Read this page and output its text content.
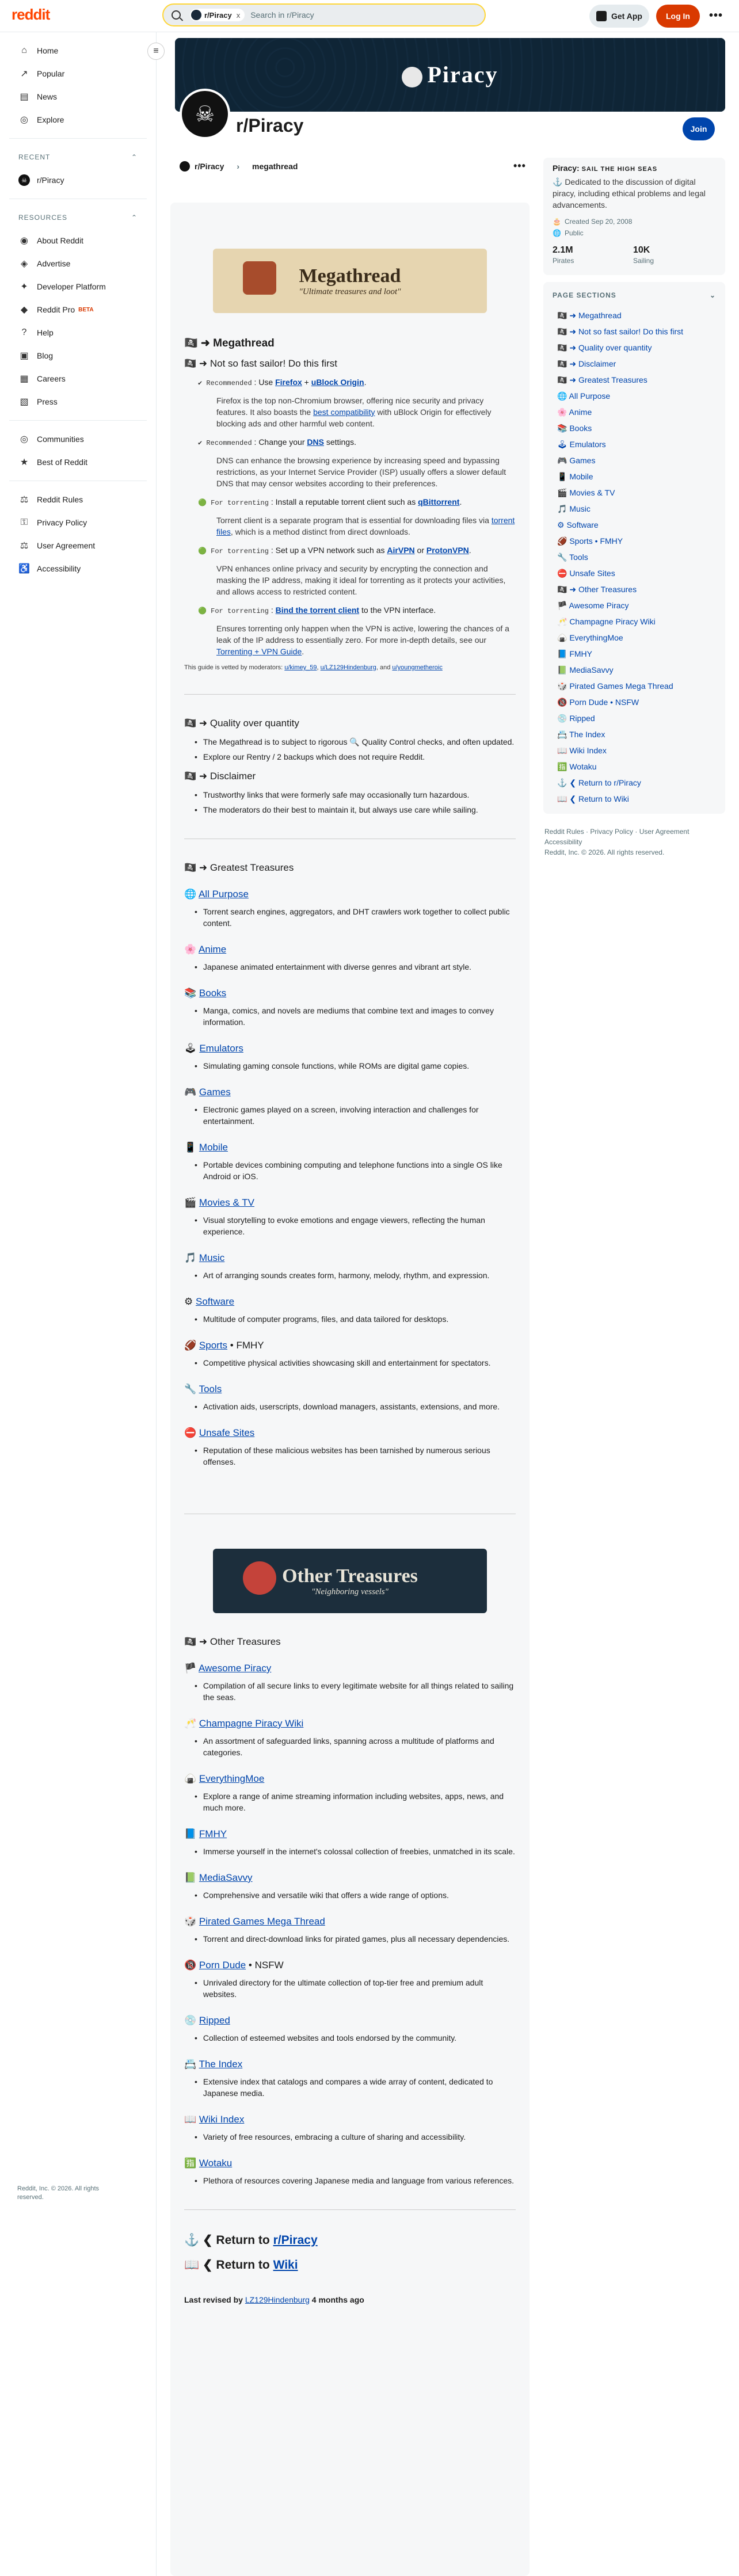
reddit	r/Piracy x Search in r/Piracy	Get App	Log In	•••
⌂	Home
↗ Popular
▤ News
◎ Explore
RECENT	⌃
☠	r/Piracy
RESOURCES	⌃
◉ About Reddit
◈ Advertise
✦ Developer Platform
◆ Reddit Pro BETA
?	Help
▣ Blog
▦ Careers
▧ Press
◎ Communities
★ Best of Reddit
⚖ Reddit Rules
⚿ Privacy Policy
⚖ User Agreement
♿ Accessibility
≡
Reddit, Inc. © 2026. All rights reserved.
Piracy
☠	r/Piracy	Join
r/Piracy › megathread	•••
Megathread
"Ultimate treasures and loot"
🏴‍☠️ ➜ Megathread
🏴‍☠️ ➜ Not so fast sailor! Do this first
✔ Recommended : Use Firefox + uBlock Origin.
Firefox is the top non-Chromium browser, offering nice security and privacy features. It also boasts the best compatibility with uBlock Origin for effectively blocking ads and other harmful web content.
✔ Recommended : Change your DNS settings.
DNS can enhance the browsing experience by increasing speed and bypassing restrictions, as your Internet Service Provider (ISP) usually offers a slower default DNS that may censor websites according to their preferences.
🟢 For torrenting : Install a reputable torrent client such as qBittorrent.
Torrent client is a separate program that is essential for downloading files via torrent files, which is a method distinct from direct downloads.
🟢 For torrenting : Set up a VPN network such as AirVPN or ProtonVPN.
VPN enhances online privacy and security by encrypting the connection and masking the IP address, making it ideal for torrenting as it protects your activities, and allows access to restricted content.
🟢 For torrenting : Bind the torrent client to the VPN interface.
Ensures torrenting only happen when the VPN is active, lowering the chances of a leak of the IP address to essentially zero. For more in-depth details, see our Torrenting + VPN Guide.
This guide is vetted by moderators: u/kimey_59, u/LZ129Hindenburg, and u/youngmetheroic
🏴‍☠️ ➜ Quality over quantity
• The Megathread is to subject to rigorous 🔍 Quality Control checks, and often updated.
• Explore our Rentry / 2 backups which does not require Reddit.
🏴‍☠️ ➜ Disclaimer
• Trustworthy links that were formerly safe may occasionally turn hazardous.
• The moderators do their best to maintain it, but always use care while sailing.
🏴‍☠️ ➜ Greatest Treasures
🌐 All Purpose
• Torrent search engines, aggregators, and DHT crawlers work together to collect public content.
🌸 Anime
• Japanese animated entertainment with diverse genres and vibrant art style.
📚 Books
• Manga, comics, and novels are mediums that combine text and images to convey information.
🕹 Emulators
• Simulating gaming console functions, while ROMs are digital game copies.
🎮 Games
• Electronic games played on a screen, involving interaction and challenges for entertainment.
📱 Mobile
• Portable devices combining computing and telephone functions into a single OS like Android or iOS.
🎬 Movies & TV
• Visual storytelling to evoke emotions and engage viewers, reflecting the human experience.
🎵 Music
• Art of arranging sounds creates form, harmony, melody, rhythm, and expression.
⚙ Software
• Multitude of computer programs, files, and data tailored for desktops.
🏈 Sports • FMHY
• Competitive physical activities showcasing skill and entertainment for spectators.
🔧 Tools
• Activation aids, userscripts, download managers, assistants, extensions, and more.
⛔ Unsafe Sites
• Reputation of these malicious websites has been tarnished by numerous serious offenses.
Other Treasures
"Neighboring vessels"
🏴‍☠️ ➜ Other Treasures
🏴 Awesome Piracy
• Compilation of all secure links to every legitimate website for all things related to sailing the seas.
🥂 Champagne Piracy Wiki
• An assortment of safeguarded links, spanning across a multitude of platforms and categories.
🍙 EverythingMoe
• Explore a range of anime streaming information including websites, apps, news, and much more.
📘 FMHY
• Immerse yourself in the internet's colossal collection of freebies, unmatched in its scale.
📗 MediaSavvy
• Comprehensive and versatile wiki that offers a wide range of options.
🎲 Pirated Games Mega Thread
• Torrent and direct-download links for pirated games, plus all necessary dependencies.
🔞 Porn Dude • NSFW
• Unrivaled directory for the ultimate collection of top-tier free and premium adult websites.
💿 Ripped
• Collection of esteemed websites and tools endorsed by the community.
📇 The Index
• Extensive index that catalogs and compares a wide array of content, dedicated to Japanese media.
📖 Wiki Index
• Variety of free resources, embracing a culture of sharing and accessibility.
🈯 Wotaku
• Plethora of resources covering Japanese media and language from various references.
⚓ ❮ Return to r/Piracy
📖 ❮ Return to Wiki
Last revised by LZ129Hindenburg 4 months ago
Piracy: SAIL THE HIGH SEAS
⚓ Dedicated to the discussion of digital piracy, including ethical problems and legal advancements.
🎂 Created Sep 20, 2008
🌐 Public
2.1M
Pirates
10K
Sailing
PAGE SECTIONS	⌄
🏴‍☠️ ➜ Megathread
🏴‍☠️ ➜ Not so fast sailor! Do this first
🏴‍☠️ ➜ Quality over quantity
🏴‍☠️ ➜ Disclaimer
🏴‍☠️ ➜ Greatest Treasures
🌐 All Purpose
🌸 Anime
📚 Books
🕹 Emulators
🎮 Games
📱 Mobile
🎬 Movies & TV
🎵 Music
⚙ Software
🏈 Sports • FMHY
🔧 Tools
⛔ Unsafe Sites
🏴‍☠️ ➜ Other Treasures
🏴 Awesome Piracy
🥂 Champagne Piracy Wiki
🍙 EverythingMoe
📘 FMHY
📗 MediaSavvy
🎲 Pirated Games Mega Thread
🔞 Porn Dude • NSFW
💿 Ripped
📇 The Index
📖 Wiki Index
🈯 Wotaku
⚓ ❮ Return to r/Piracy
📖 ❮ Return to Wiki
Reddit Rules · Privacy Policy · User Agreement
Accessibility
Reddit, Inc. © 2026. All rights reserved.
